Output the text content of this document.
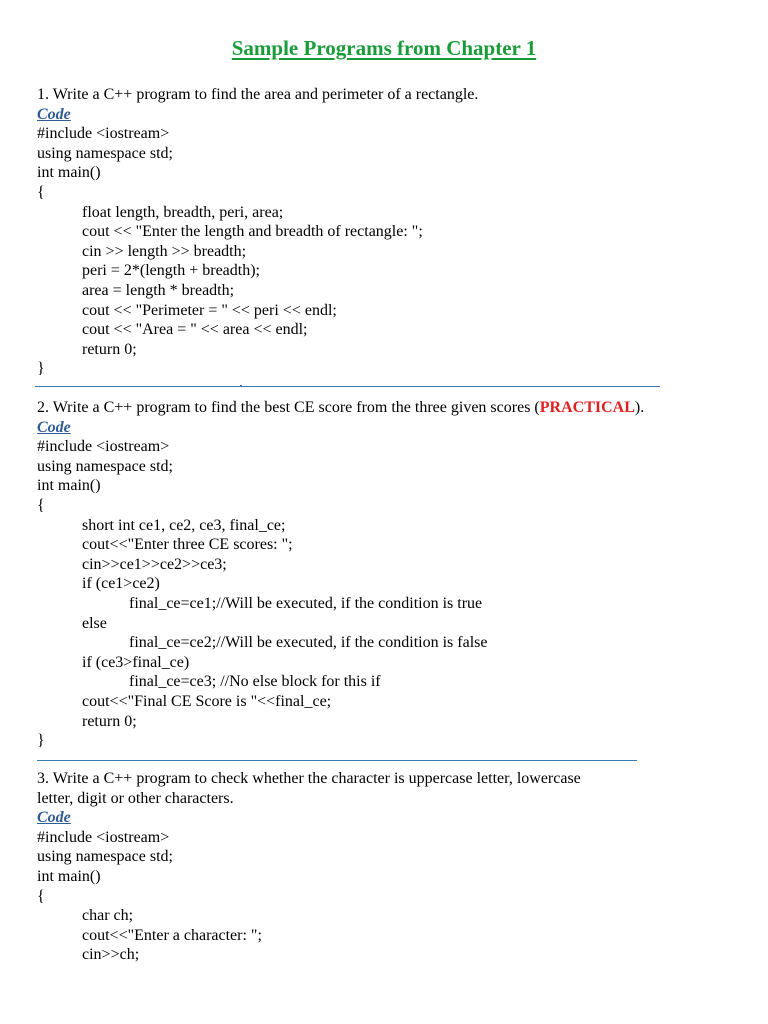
Sample Programs from Chapter 1
1. Write a C++ program to find the area and perimeter of a rectangle.
Code
#include <iostream>
using namespace std;
int main()
{
float length, breadth, peri, area;
cout << "Enter the length and breadth of rectangle: ";
cin >> length >> breadth;
peri = 2*(length + breadth);
area = length * breadth;
cout << "Perimeter = " << peri << endl;
cout << "Area = " << area << endl;
return 0;
}
2. Write a C++ program to find the best CE score from the three given scores (PRACTICAL).
Code
#include <iostream>
using namespace std;
int main()
{
short int ce1, ce2, ce3, final_ce;
cout<<"Enter three CE scores: ";
cin>>ce1>>ce2>>ce3;
if (ce1>ce2)
final_ce=ce1;//Will be executed, if the condition is true
else
final_ce=ce2;//Will be executed, if the condition is false
if (ce3>final_ce)
final_ce=ce3; //No else block for this if
cout<<"Final CE Score is "<<final_ce;
return 0;
}
3. Write a C++ program to check whether the character is uppercase letter, lowercase
letter, digit or other characters.
Code
#include <iostream>
using namespace std;
int main()
{
char ch;
cout<<"Enter a character: ";
cin>>ch;
